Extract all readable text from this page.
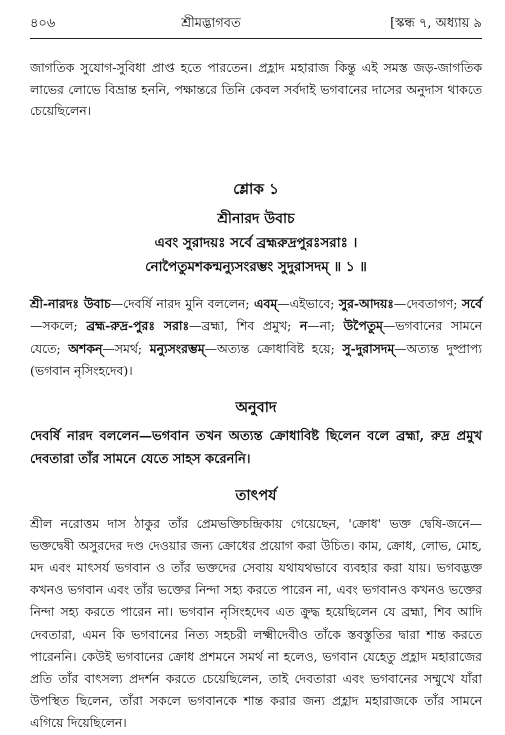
৪০৬	শ্রীমদ্ভাগবত	[স্কন্ধ ৭, অধ্যায় ৯

জাগতিক সুযোগ-সুবিধা প্রাপ্ত হতে পারতেন। প্রহ্লাদ মহারাজ কিন্তু এই সমস্ত জড়-জাগতিক লাভের লোভে বিভ্রান্ত হননি, পক্ষান্তরে তিনি কেবল সর্বদাই ভগবানের দাসের অনুদাস থাকতে চেয়েছিলেন।

শ্লোক ১
শ্রীনারদ উবাচ
এবং সুরাদয়ঃ সর্বে ব্রহ্মরুদ্রপুরঃসরাঃ ।
নোপৈতুমশকন্মন্যুসংরম্ভং সুদুরাসদম্‌ ॥ ১ ॥

শ্রী-নারদঃ উবাচ—দেবর্ষি নারদ মুনি বললেন; এবম্‌—এইভাবে; সুর-আদয়ঃ—দেবতাগণ; সর্বে—সকলে; ব্রহ্ম-রুদ্র-পুরঃ সরাঃ—ব্রহ্মা, শিব প্রমুখ; ন—না; উপৈতুম্‌—ভগবানের সামনে যেতে; অশকন্‌—সমর্থ; মন্যুসংরম্ভম্‌—অত্যন্ত ক্রোধাবিষ্ট হয়ে; সু-দুরাসদম্‌—অত্যন্ত দুষ্প্রাপ্য (ভগবান নৃসিংহদেব)।

অনুবাদ

দেবর্ষি নারদ বললেন—ভগবান তখন অত্যন্ত ক্রোধাবিষ্ট ছিলেন বলে ব্রহ্মা, রুদ্র প্রমুখ দেবতারা তাঁর সামনে যেতে সাহস করেননি।

তাৎপর্য

শ্রীল নরোত্তম দাস ঠাকুর তাঁর প্রেমভক্তিচন্দ্রিকায় গেয়েছেন, 'ক্রোধ' ভক্ত দ্বেষি-জনে—ভক্তদ্বেষী অসুরদের দণ্ড দেওয়ার জন্য ক্রোধের প্রয়োগ করা উচিত। কাম, ক্রোধ, লোভ, মোহ, মদ এবং মাৎসর্য ভগবান ও তাঁর ভক্তদের সেবায় যথাযথভাবে ব্যবহার করা যায়। ভগবদ্ভক্ত কখনও ভগবান এবং তাঁর ভক্তের নিন্দা সহ্য করতে পারেন না, এবং ভগবানও কখনও ভক্তের নিন্দা সহ্য করতে পারেন না। ভগবান নৃসিংহদেব এত ক্রুদ্ধ হয়েছিলেন যে ব্রহ্মা, শিব আদি দেবতারা, এমন কি ভগবানের নিত্য সহচরী লক্ষ্মীদেবীও তাঁকে স্তবস্তুতির দ্বারা শান্ত করতে পারেননি। কেউই ভগবানের ক্রোধ প্রশমনে সমর্থ না হলেও, ভগবান যেহেতু প্রহ্লাদ মহারাজের প্রতি তাঁর বাৎসল্য প্রদর্শন করতে চেয়েছিলেন, তাই দেবতারা এবং ভগবানের সম্মুখে যাঁরা উপস্থিত ছিলেন, তাঁরা সকলে ভগবানকে শান্ত করার জন্য প্রহ্লাদ মহারাজকে তাঁর সামনে এগিয়ে দিয়েছিলেন।
